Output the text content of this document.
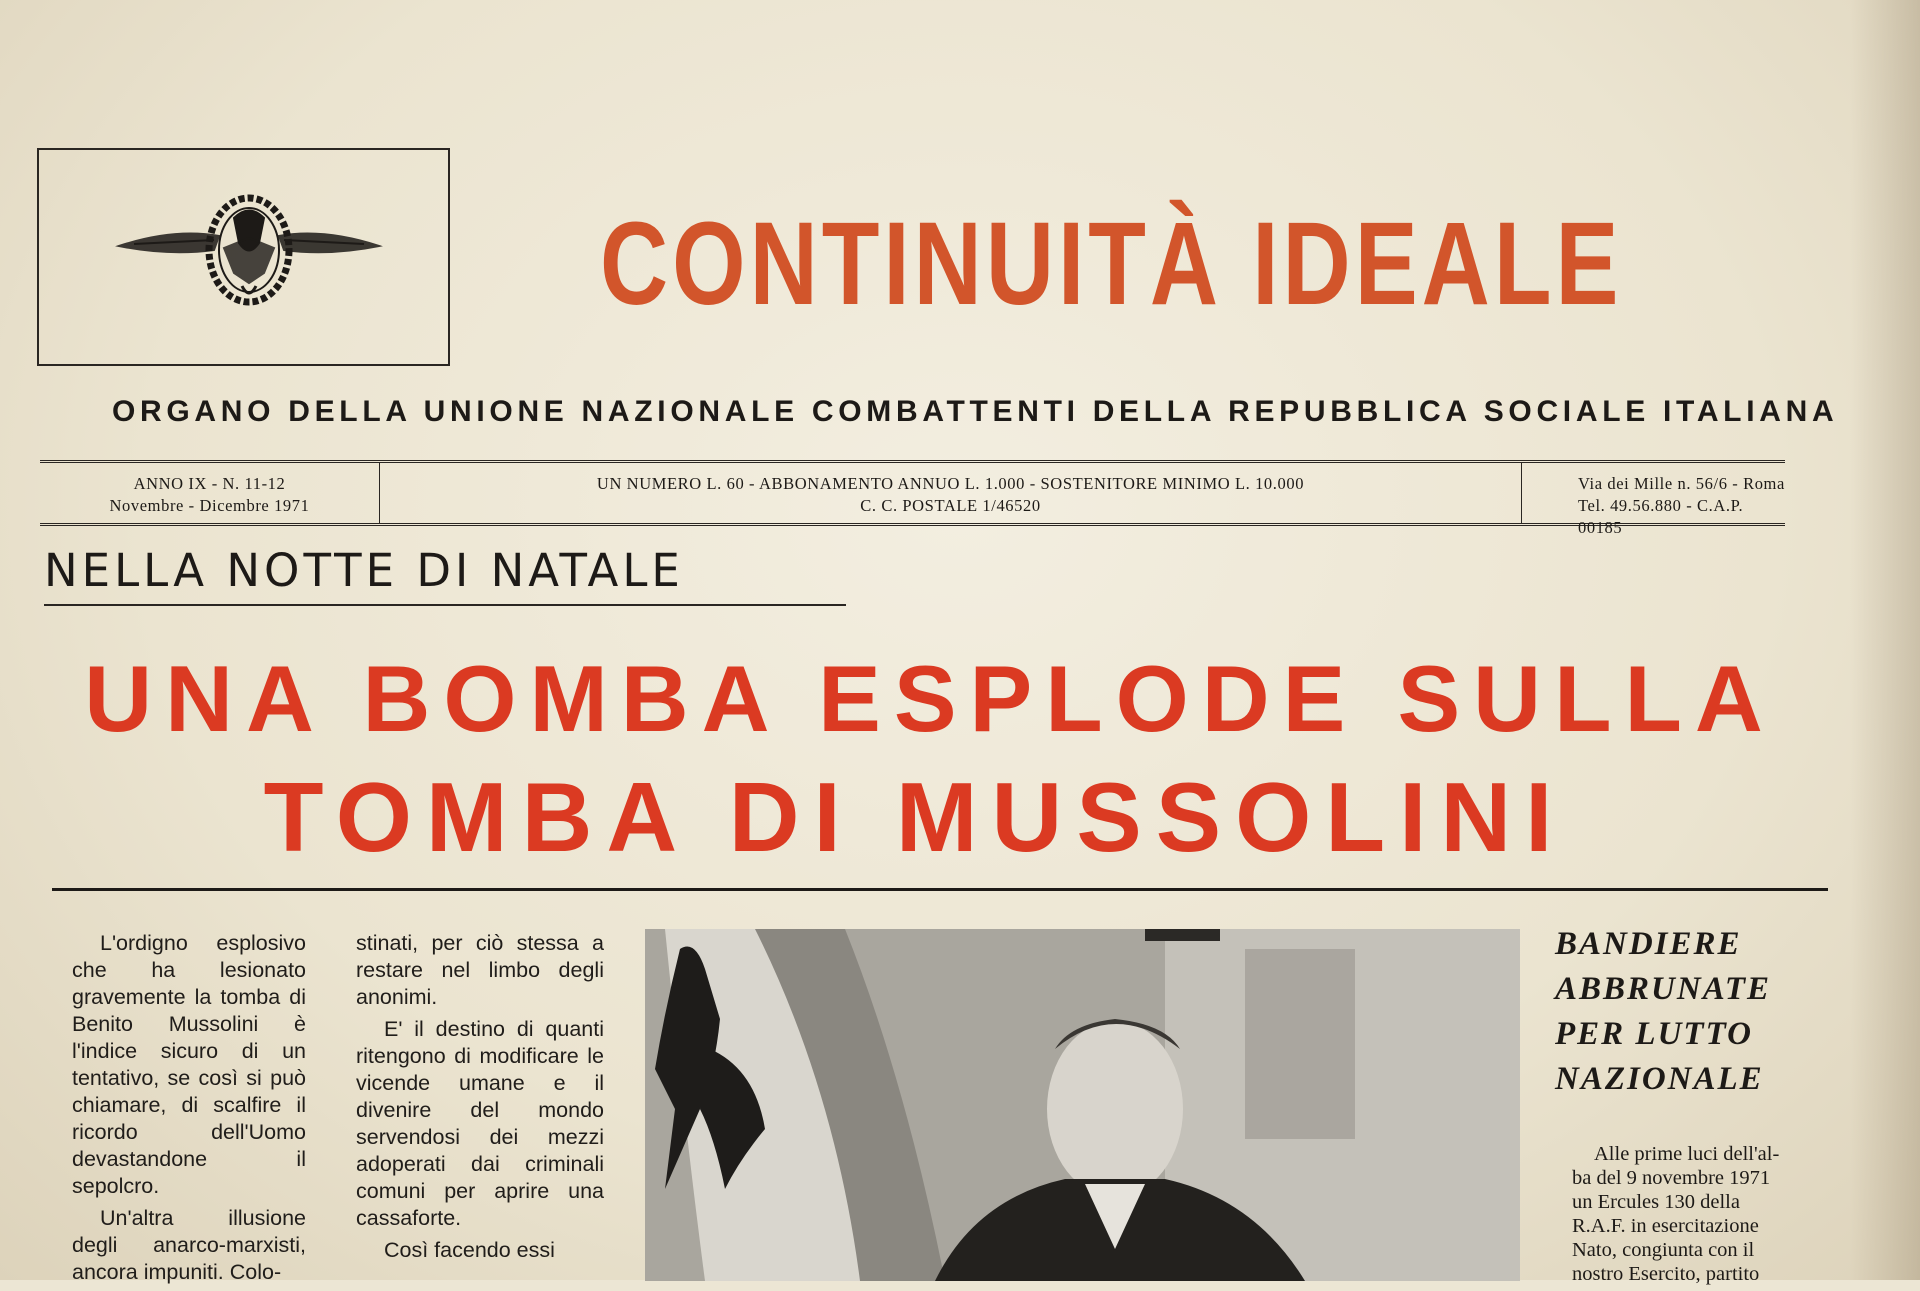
CONTINUITÀ IDEALE
ORGANO DELLA UNIONE NAZIONALE COMBATTENTI DELLA REPUBBLICA SOCIALE ITALIANA
ANNO IX - N. 11-12
Novembre - Dicembre 1971
UN NUMERO L. 60 - ABBONAMENTO ANNUO L. 1.000 - SOSTENITORE MINIMO L. 10.000
C. C. POSTALE 1/46520
Via dei Mille n. 56/6 - Roma
Tel. 49.56.880 - C.A.P. 00185
NELLA NOTTE DI NATALE
UNA BOMBA ESPLODE SULLA
TOMBA DI MUSSOLINI

L'ordigno esplosivo che ha lesionato gravemente la tomba di Benito Mussolini è l'indice sicuro di un tentativo, se così si può chiamare, di scalfire il ricordo dell'Uomo devastandone il sepolcro.

Un'altra illusione degli anarco-marxisti, ancora impuniti. Colo-

stinati, per ciò stessa a restare nel limbo degli anonimi.

E' il destino di quanti ritengono di modificare le vicende umane e il divenire del mondo servendosi dei mezzi adoperati dai criminali comuni per aprire una cassaforte.

Così facendo essi

BANDIERE
ABBRUNATE
PER LUTTO
NAZIONALE
Alle prime luci dell'al-
ba del 9 novembre 1971
un Ercules 130 della
R.A.F. in esercitazione
Nato, congiunta con il
nostro Esercito, partito
